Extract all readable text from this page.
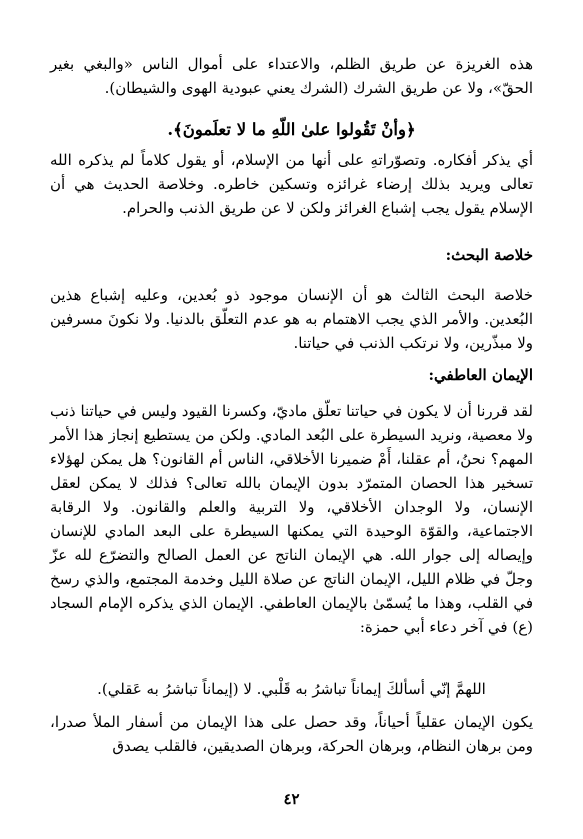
هذه الغريزة عن طريق الظلم، والاعتداء على أموال الناس «والبغي بغير الحقّ»، ولا عن طريق الشرك (الشرك يعني عبودية الهوى والشيطان).

﴿وأنْ تَقُولوا علىٰ اللّهِ ما لا تعلَمونَ﴾.

أي يذكر أفكاره. وتصوّراتهِ على أنها من الإسلام، أو يقول كلاماً لم يذكره الله تعالى ويريد بذلك إرضاء غرائزه وتسكين خاطره. وخلاصة الحديث هي أن الإسلام يقول يجب إشباع الغرائز ولكن لا عن طريق الذنب والحرام.

خلاصة البحث:

خلاصة البحث الثالث هو أن الإنسان موجود ذو بُعدين، وعليه إشباع هذين البُعدين. والأمر الذي يجب الاهتمام به هو عدم التعلّق بالدنيا. ولا نكونَ مسرفين ولا مبذّرين، ولا نرتكب الذنب في حياتنا.

الإيمان العاطفي:

لقد قررنا أن لا يكون في حياتنا تعلّق ماديّ، وكسرنا القيود وليس في حياتنا ذنب ولا معصية، ونريد السيطرة على البُعد المادي. ولكن من يستطيع إنجاز هذا الأمر المهم؟ نحنُ، أم عقلنا، أَمْ ضميرنا الأخلاقي، الناس أم القانون؟ هل يمكن لهؤلاء تسخير هذا الحصان المتمرّد بدون الإيمان بالله تعالى؟ فذلك لا يمكن لعقل الإنسان، ولا الوجدان الأخلاقي، ولا التربية والعلم والقانون. ولا الرقابة الاجتماعية، والقوّة الوحيدة التي يمكنها السيطرة على البعد المادي للإنسان وإيصاله إلى جوار الله. هي الإيمان الناتج عن العمل الصالح والتضرّع لله عزّ وجلّ في ظلام الليل، الإيمان الناتج عن صلاة الليل وخدمة المجتمع، والذي رسخ في القلب، وهذا ما يُسمّىٰ بالإيمان العاطفي. الإيمان الذي يذكره الإمام السجاد (ع) في آخر دعاء أبي حمزة:

اللهمَّ إنّي أسألكَ إيماناً تباشرُ به قَلْبي. لا (إيماناً تباشرُ به عَقلي).

يكون الإيمان عقلياً أحياناً، وقد حصل على هذا الإيمان من أسفار الملأ صدرا، ومن برهان النظام، وبرهان الحركة، وبرهان الصديقين، فالقلب يصدق

٤٢
